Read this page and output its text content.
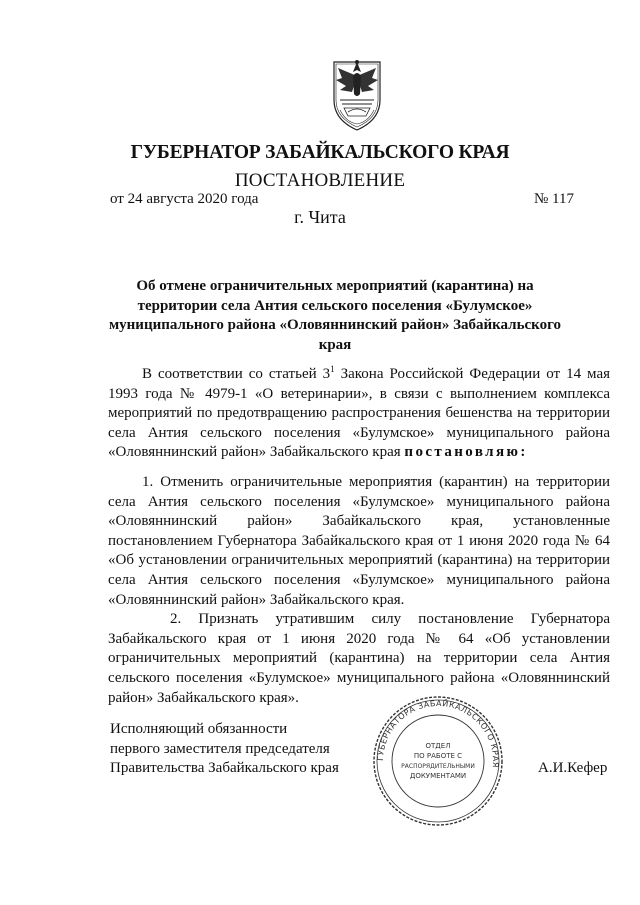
ГУБЕРНАТОР ЗАБАЙКАЛЬСКОГО КРАЯ
ПОСТАНОВЛЕНИЕ
от 24 августа 2020 года	№ 117
г. Чита
Об отмене ограничительных мероприятий (карантина) на территории села Антия сельского поселения «Булумское» муниципального района «Оловяннинский район» Забайкальского края

В соответствии со статьей $3^1$ Закона Российской Федерации от 14 мая 1993 года № 4979-1 «О ветеринарии», в связи с выполнением комплекса мероприятий по предотвращению распространения бешенства на территории села Антия сельского поселения «Булумское» муниципального района «Оловяннинский район» Забайкальского края постановляю:

1. Отменить ограничительные мероприятия (карантин) на территории села Антия сельского поселения «Булумское» муниципального района «Оловяннинский район» Забайкальского края, установленные постановлением Губернатора Забайкальского края от 1 июня 2020 года № 64 «Об установлении ограничительных мероприятий (карантина) на территории села Антия сельского поселения «Булумское» муниципального района «Оловяннинский район» Забайкальского края.

2. Признать утратившим силу постановление Губернатора Забайкальского края от 1 июня 2020 года № 64 «Об установлении ограничительных мероприятий (карантина) на территории села Антия сельского поселения «Булумское» муниципального района «Оловяннинский район» Забайкальского края».

Исполняющий обязанности
первого заместителя председателя
Правительства Забайкальского края	А.И.Кефер
ГУБЕРНАТОРА ЗАБАЙКАЛЬСКОГО КРАЯ
ОТДЕЛ
ПО РАБОТЕ С
РАСПОРЯДИТЕЛЬНЫМИ
ДОКУМЕНТАМИ
